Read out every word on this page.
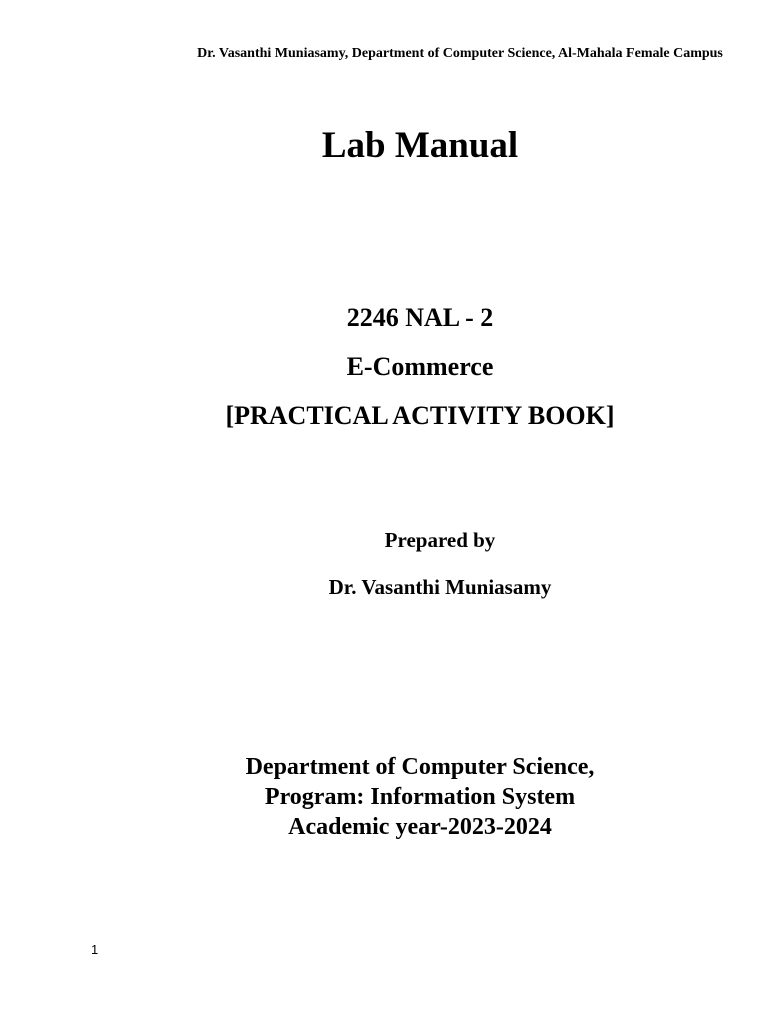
Dr. Vasanthi Muniasamy, Department of Computer Science, Al-Mahala Female Campus
Lab Manual
2246 NAL - 2
E-Commerce
[PRACTICAL ACTIVITY BOOK]
Prepared by
Dr. Vasanthi Muniasamy
Department of Computer Science,
Program: Information System
Academic year-2023-2024
1
